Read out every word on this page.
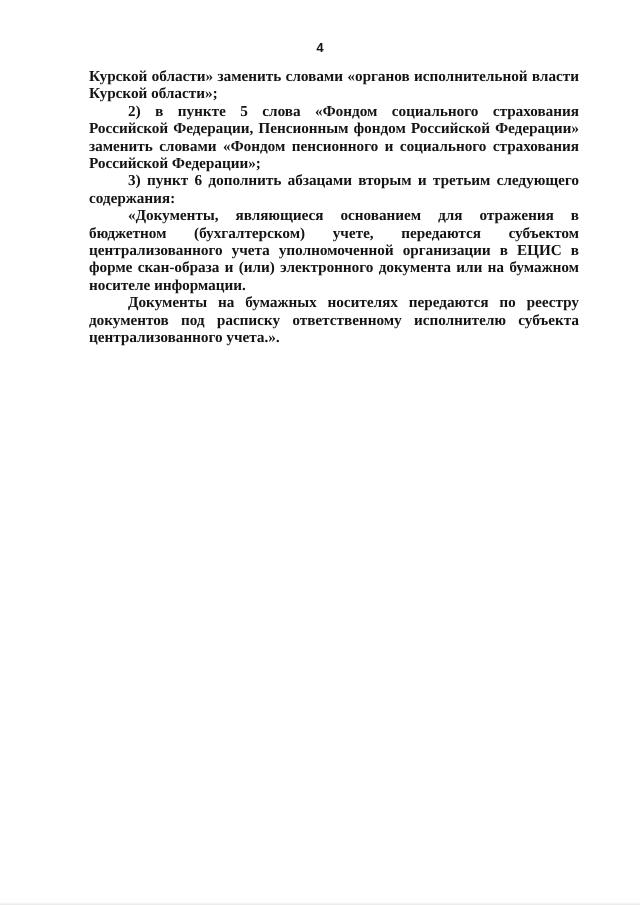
4

Курской области» заменить словами «органов исполнительной власти Курской области»;

2) в пункте 5 слова «Фондом социального страхования Российской Федерации, Пенсионным фондом Российской Федерации» заменить словами «Фондом пенсионного и социального страхования Российской Федерации»;

3) пункт 6 дополнить абзацами вторым и третьим следующего содержания:

«Документы, являющиеся основанием для отражения в бюджетном (бухгалтерском) учете, передаются субъектом централизованного учета уполномоченной организации в ЕЦИС в форме скан-образа и (или) электронного документа или на бумажном носителе информации.

Документы на бумажных носителях передаются по реестру документов под расписку ответственному исполнителю субъекта централизованного учета.».
